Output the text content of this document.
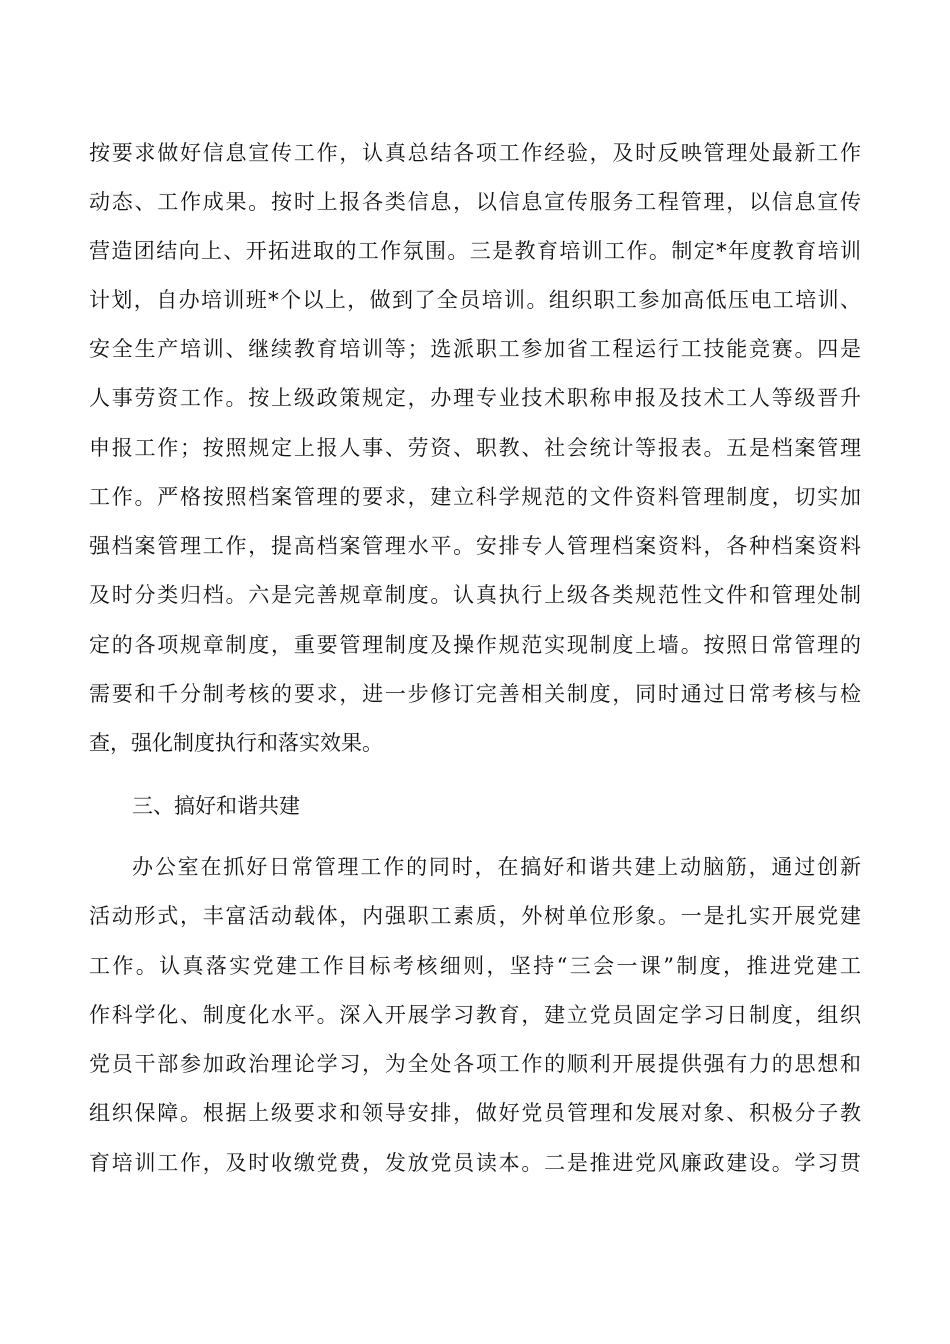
按要求做好信息宣传工作，认真总结各项工作经验，及时反映管理处最新工作
动态、工作成果。按时上报各类信息，以信息宣传服务工程管理，以信息宣传
营造团结向上、开拓进取的工作氛围。三是教育培训工作。制定*年度教育培训
计划，自办培训班*个以上，做到了全员培训。组织职工参加高低压电工培训、
安全生产培训、继续教育培训等；选派职工参加省工程运行工技能竞赛。四是
人事劳资工作。按上级政策规定，办理专业技术职称申报及技术工人等级晋升
申报工作；按照规定上报人事、劳资、职教、社会统计等报表。五是档案管理
工作。严格按照档案管理的要求，建立科学规范的文件资料管理制度，切实加
强档案管理工作，提高档案管理水平。安排专人管理档案资料，各种档案资料
及时分类归档。六是完善规章制度。认真执行上级各类规范性文件和管理处制
定的各项规章制度，重要管理制度及操作规范实现制度上墙。按照日常管理的
需要和千分制考核的要求，进一步修订完善相关制度，同时通过日常考核与检
查，强化制度执行和落实效果。
三、搞好和谐共建
办公室在抓好日常管理工作的同时，在搞好和谐共建上动脑筋，通过创新
活动形式，丰富活动载体，内强职工素质，外树单位形象。一是扎实开展党建
工作。认真落实党建工作目标考核细则，坚持“三会一课”制度，推进党建工
作科学化、制度化水平。深入开展学习教育，建立党员固定学习日制度，组织
党员干部参加政治理论学习，为全处各项工作的顺利开展提供强有力的思想和
组织保障。根据上级要求和领导安排，做好党员管理和发展对象、积极分子教
育培训工作，及时收缴党费，发放党员读本。二是推进党风廉政建设。学习贯
